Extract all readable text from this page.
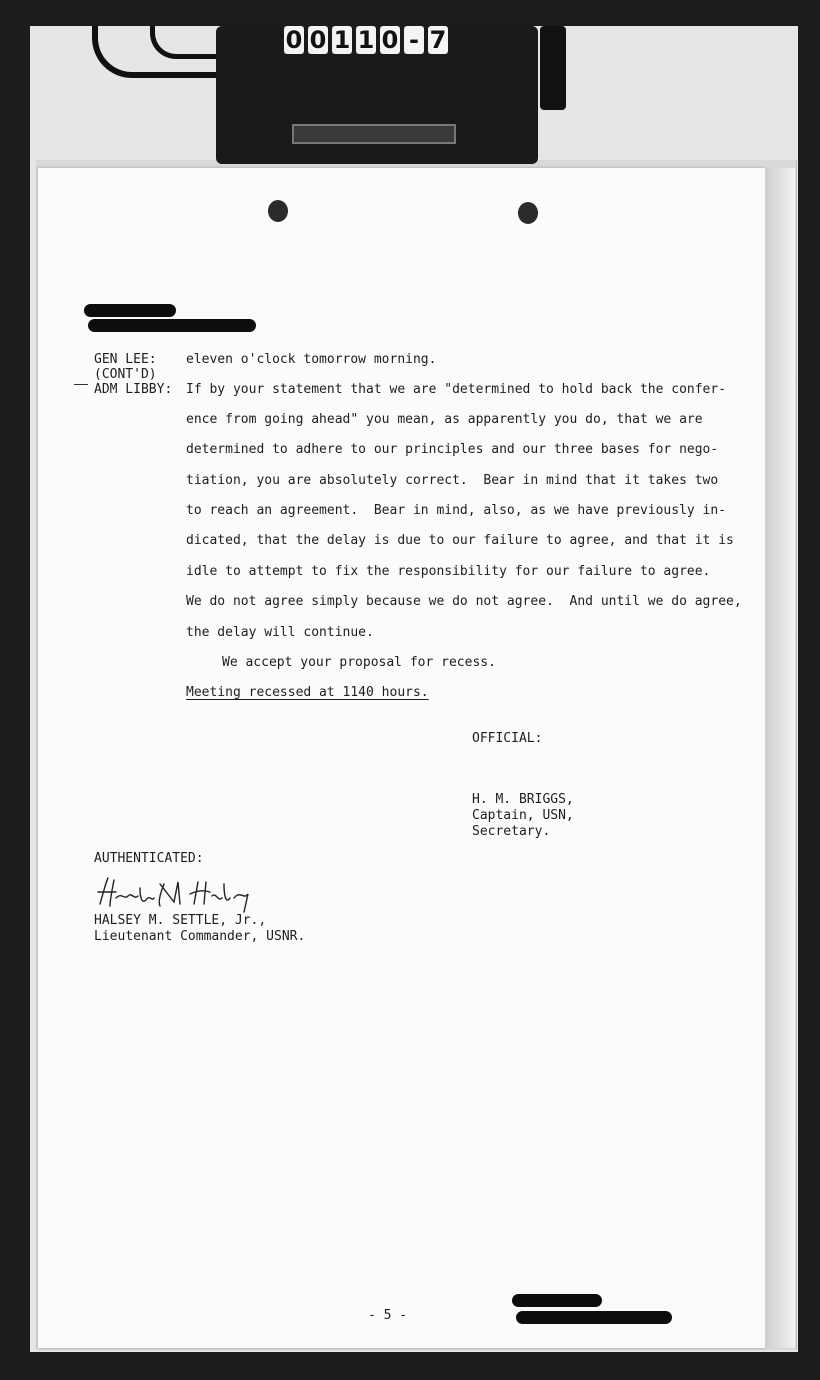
0 0 1 1 0 - 7
GEN LEE:
(CONT'D)
ADM LIBBY:
eleven o'clock tomorrow morning.
If by your statement that we are "determined to hold back the confer-
ence from going ahead" you mean, as apparently you do, that we are
determined to adhere to our principles and our three bases for nego-
tiation, you are absolutely correct.  Bear in mind that it takes two
to reach an agreement.  Bear in mind, also, as we have previously in-
dicated, that the delay is due to our failure to agree, and that it is
idle to attempt to fix the responsibility for our failure to agree.
We do not agree simply because we do not agree.  And until we do agree,
the delay will continue.
We accept your proposal for recess.
Meeting recessed at 1140 hours.
OFFICIAL:
H. M. BRIGGS,
Captain, USN,
Secretary.
AUTHENTICATED:
HALSEY M. SETTLE, Jr.,
Lieutenant Commander, USNR.
- 5 -
